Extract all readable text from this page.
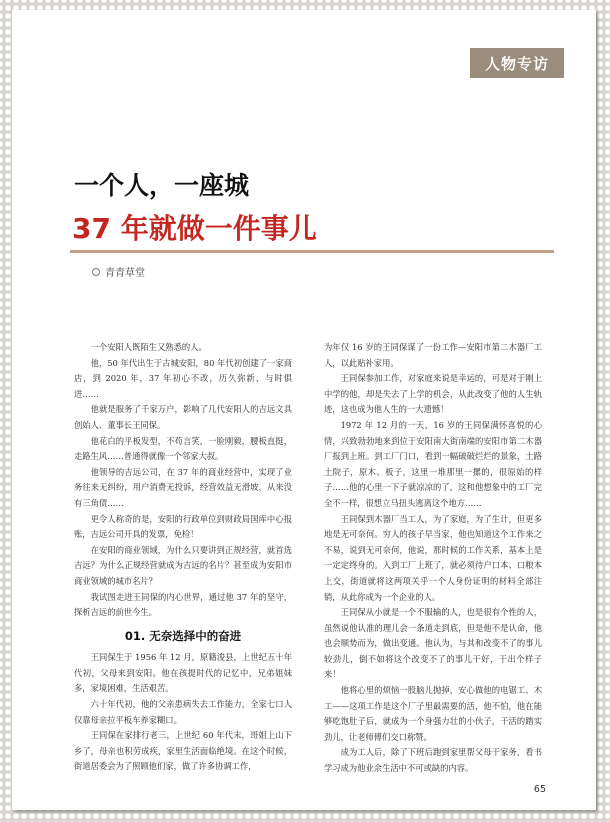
人物专访
一个人，一座城
37 年就做一件事儿
青青草堂

一个安阳人既陌生又熟悉的人。

他，50 年代出生于古城安阳，80 年代初创建了一家商店，到 2020 年，37 年初心不改，历久弥新，与时俱进……

他就是服务了千家万户，影响了几代安阳人的吉远文具创始人、董事长王同保。

他花白的平板发型，不苟言笑，一脸刚毅，腰板直挺，走路生风……普通得就像一个邻家大叔。

他领导的吉远公司，在 37 年的商业经营中，实现了业务往来无纠纷，用户消费无投诉，经营效益无滑坡，从来没有三角债……

更令人称奇的是，安阳的行政单位到财政局国库中心报账，吉远公司开具的发票，免检！

在安阳的商业领域，为什么只要讲到正规经营，就首选吉远？为什么正规经营就成为吉远的名片？甚至成为安阳市商业领域的城市名片？

我试图走进王同保的内心世界，通过他 37 年的坚守，探析吉远的前世今生。

01. 无奈选择中的奋进

王同保生于 1956 年 12 月，原籍浚县，上世纪五十年代初，父母来到安阳。他在孩提时代的记忆中，兄弟姐妹多，家境困难，生活艰苦。

六十年代初，他的父亲患病失去工作能力，全家七口人仅靠母亲拉平板车养家糊口。

王同保在家排行老三，上世纪 60 年代末，哥姐上山下乡了，母亲也积劳成疾，家里生活面临绝境。在这个时候，街道居委会为了照顾他们家，做了许多协调工作，

为年仅 16 岁的王同保谋了一份工作—安阳市第二木器厂工人，以此贴补家用。

王同保参加工作，对家庭来说是幸运的，可是对于刚上中学的他，却是失去了上学的机会，从此改变了他的人生轨迹，这也成为他人生的一大遗憾！

1972 年 12 月的一天，16 岁的王同保满怀喜悦的心情，兴致勃勃地来到位于安阳南大街南端的安阳市第二木器厂报到上班。到工厂门口，看到一幅破破烂烂的景象，土路土院子，原木、板子，这里一堆那里一摞的，很原始的样子……他的心里一下子就凉凉的了，这和他想象中的工厂完全不一样，很想立马扭头逃离这个地方……

王同保到木器厂当工人，为了家庭，为了生计，但更多地是无可奈何。穷人的孩子早当家，他也知道这个工作来之不易，说到无可奈何，他说，那时候的工作关系，基本上是一定定终身的。入到工厂上班了，就必须待户口本、口粮本上交，街道就将这两项关乎一个人身份证明的材料全部注销，从此你成为一个企业的人。

王同保从小就是一个不服输的人，也是很有个性的人，虽然说他认准的理儿会一条道走到底，但是他不是认命，他也会顺势而为，做出变通。他认为，与其和改变不了的事儿较劲儿，倒不如将这个改变不了的事儿干好，干出个样子来！

他将心里的烦恼一股脑儿抛掉，安心做他的电锯工、木工——这项工作是这个厂子里最需要的活，他不怕，他在能够吃饱肚子后，就成为一个身强力壮的小伙子，干活的踏实劲儿，让老师傅们交口称赞。

成为工人后，除了下班后跑到家里帮父母干家务，看书学习成为他业余生活中不可或缺的内容。

65
